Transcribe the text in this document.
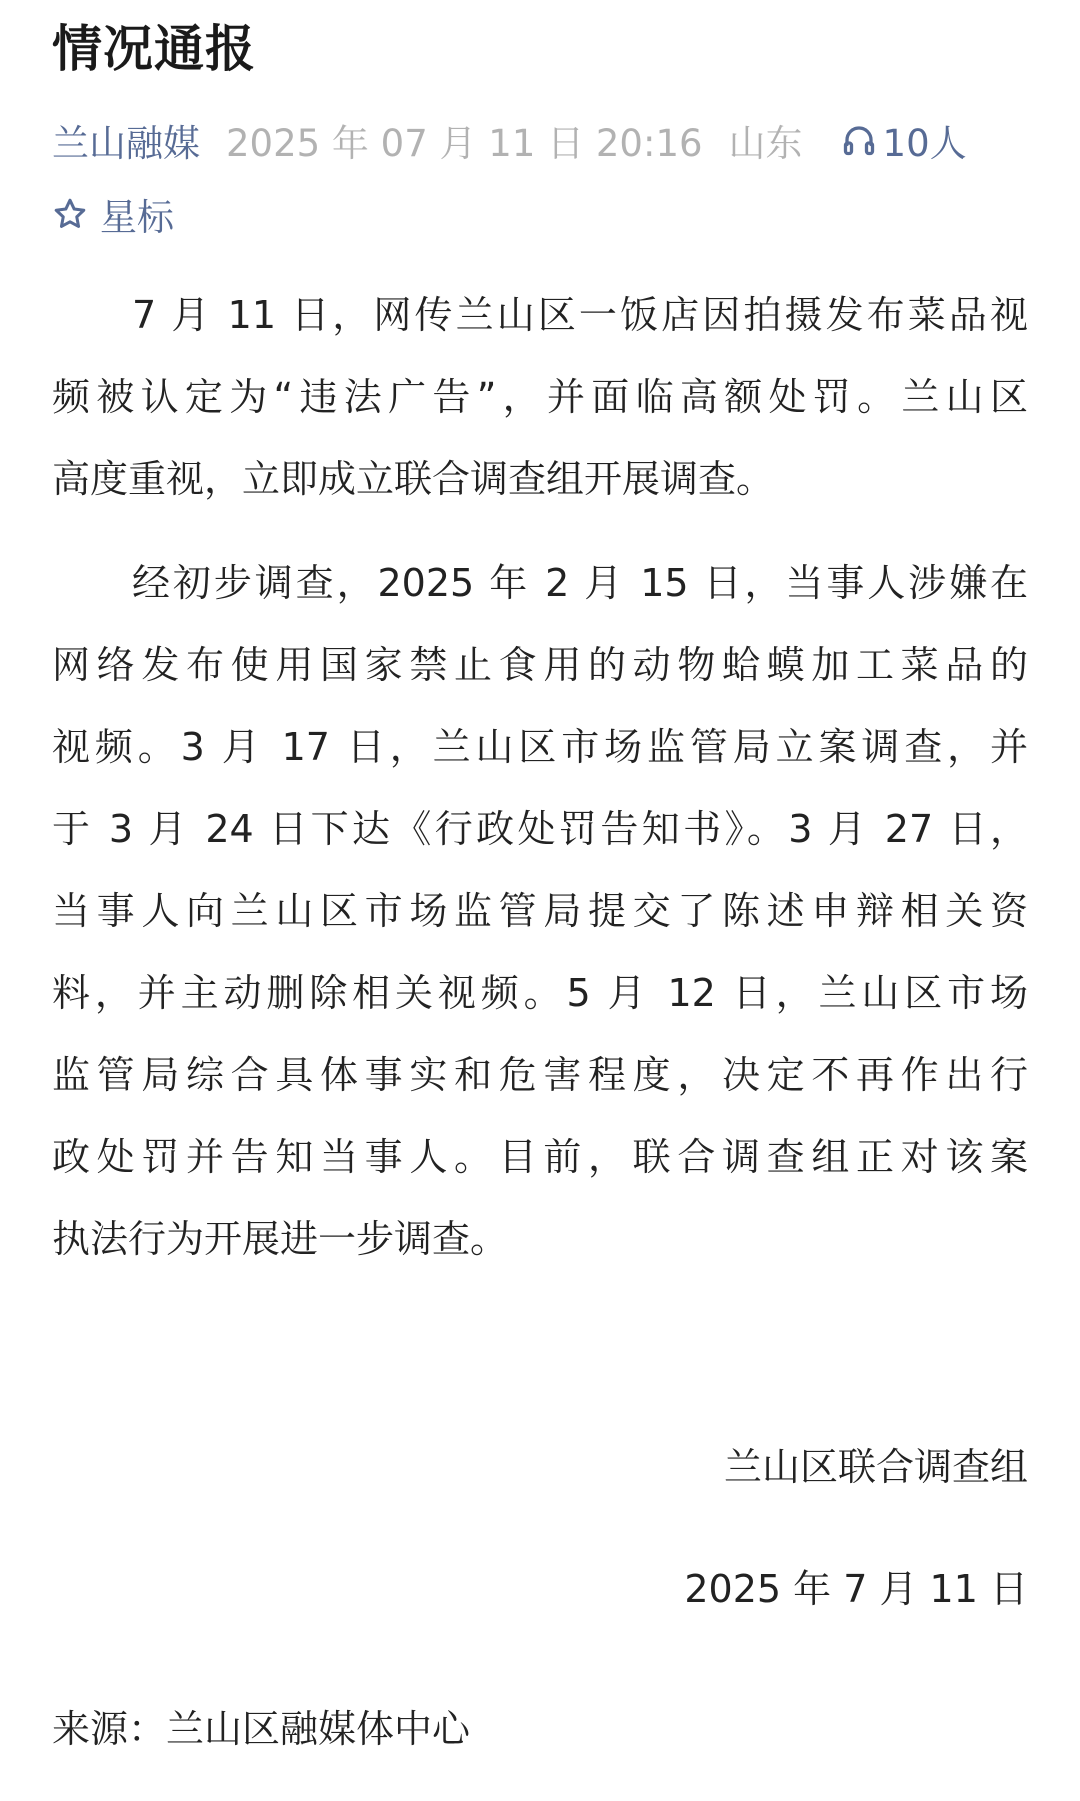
情况通报
兰山融媒 2025 年 07 月 11 日 20:16 山东 10人
星标
7 月 11 日，网传兰山区一饭店因拍摄发布菜品视
频被认定为“违法广告”，并面临高额处罚。兰山区
高度重视，立即成立联合调查组开展调查。
经初步调查，2025 年 2 月 15 日，当事人涉嫌在
网络发布使用国家禁止食用的动物蛤蟆加工菜品的
视频。3 月 17 日，兰山区市场监管局立案调查，并
于 3 月 24 日下达《行政处罚告知书》。3 月 27 日，
当事人向兰山区市场监管局提交了陈述申辩相关资
料，并主动删除相关视频。5 月 12 日，兰山区市场
监管局综合具体事实和危害程度，决定不再作出行
政处罚并告知当事人。目前，联合调查组正对该案
执法行为开展进一步调查。
兰山区联合调查组
2025 年 7 月 11 日
来源：兰山区融媒体中心
